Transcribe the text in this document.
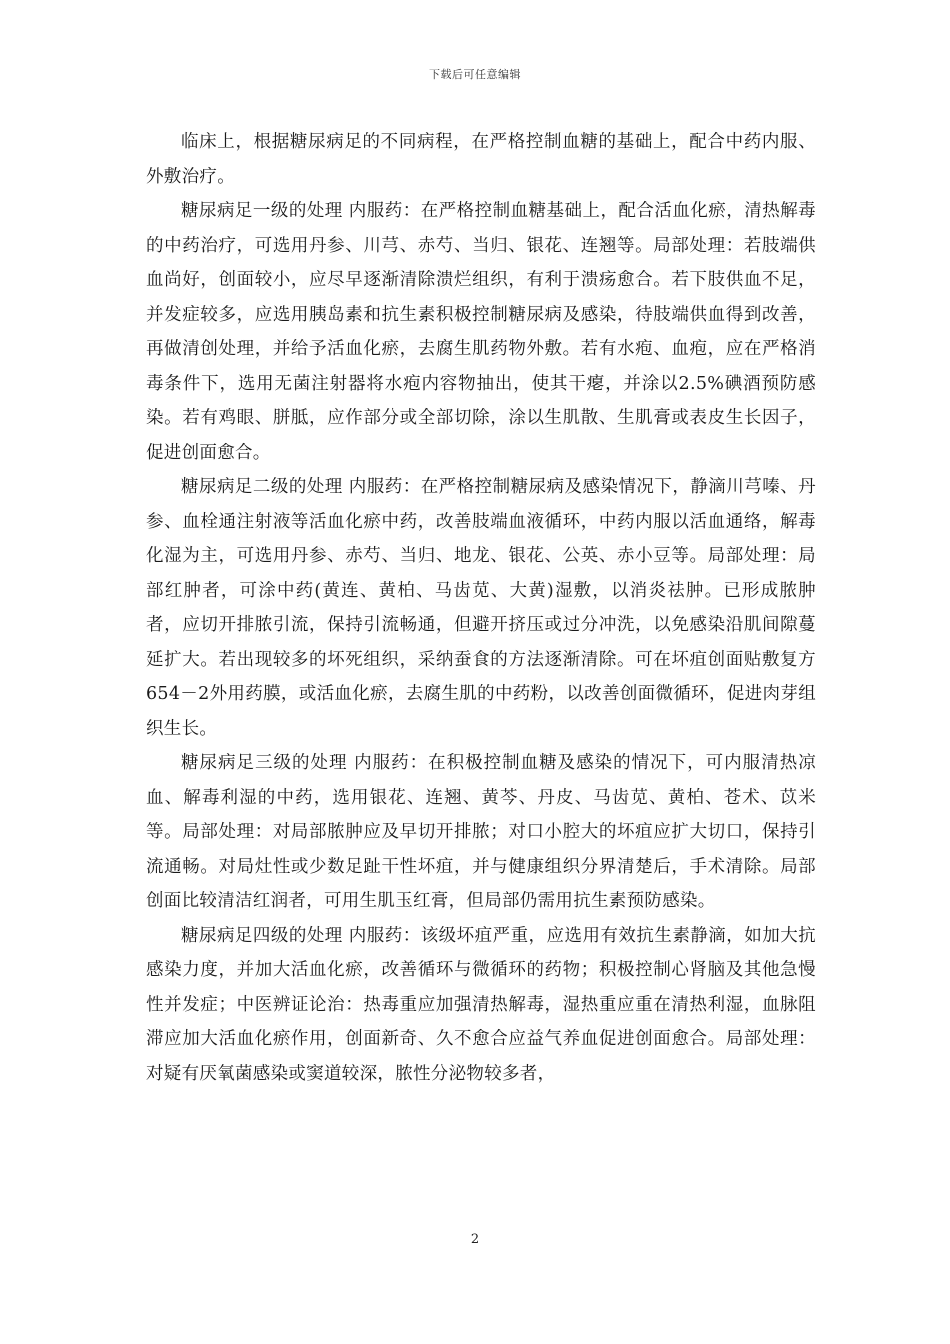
下载后可任意编辑

临床上，根据糖尿病足的不同病程，在严格控制血糖的基础上，配合中药内服、外敷治疗。

糖尿病足一级的处理 内服药：在严格控制血糖基础上，配合活血化瘀，清热解毒的中药治疗，可选用丹参、川芎、赤芍、当归、银花、连翘等。局部处理：若肢端供血尚好，创面较小，应尽早逐渐清除溃烂组织，有利于溃疡愈合。若下肢供血不足，并发症较多，应选用胰岛素和抗生素积极控制糖尿病及感染，待肢端供血得到改善，再做清创处理，并给予活血化瘀，去腐生肌药物外敷。若有水疱、血疱，应在严格消毒条件下，选用无菌注射器将水疱内容物抽出，使其干瘪，并涂以2.5%碘酒预防感染。若有鸡眼、胼胝，应作部分或全部切除，涂以生肌散、生肌膏或表皮生长因子，促进创面愈合。

糖尿病足二级的处理 内服药：在严格控制糖尿病及感染情况下，静滴川芎嗪、丹参、血栓通注射液等活血化瘀中药，改善肢端血液循环，中药内服以活血通络，解毒化湿为主，可选用丹参、赤芍、当归、地龙、银花、公英、赤小豆等。局部处理：局部红肿者，可涂中药(黄连、黄柏、马齿苋、大黄)湿敷，以消炎祛肿。已形成脓肿者，应切开排脓引流，保持引流畅通，但避开挤压或过分冲洗，以免感染沿肌间隙蔓延扩大。若出现较多的坏死组织，采纳蚕食的方法逐渐清除。可在坏疽创面贴敷复方654－2外用药膜，或活血化瘀，去腐生肌的中药粉，以改善创面微循环，促进肉芽组织生长。

糖尿病足三级的处理 内服药：在积极控制血糖及感染的情况下，可内服清热凉血、解毒利湿的中药，选用银花、连翘、黄芩、丹皮、马齿苋、黄柏、苍术、苡米等。局部处理：对局部脓肿应及早切开排脓；对口小腔大的坏疽应扩大切口，保持引流通畅。对局灶性或少数足趾干性坏疽，并与健康组织分界清楚后，手术清除。局部创面比较清洁红润者，可用生肌玉红膏，但局部仍需用抗生素预防感染。

糖尿病足四级的处理 内服药：该级坏疽严重，应选用有效抗生素静滴，如加大抗感染力度，并加大活血化瘀，改善循环与微循环的药物；积极控制心肾脑及其他急慢性并发症；中医辨证论治：热毒重应加强清热解毒，湿热重应重在清热利湿，血脉阻滞应加大活血化瘀作用，创面新奇、久不愈合应益气养血促进创面愈合。局部处理：对疑有厌氧菌感染或窦道较深，脓性分泌物较多者，

2
